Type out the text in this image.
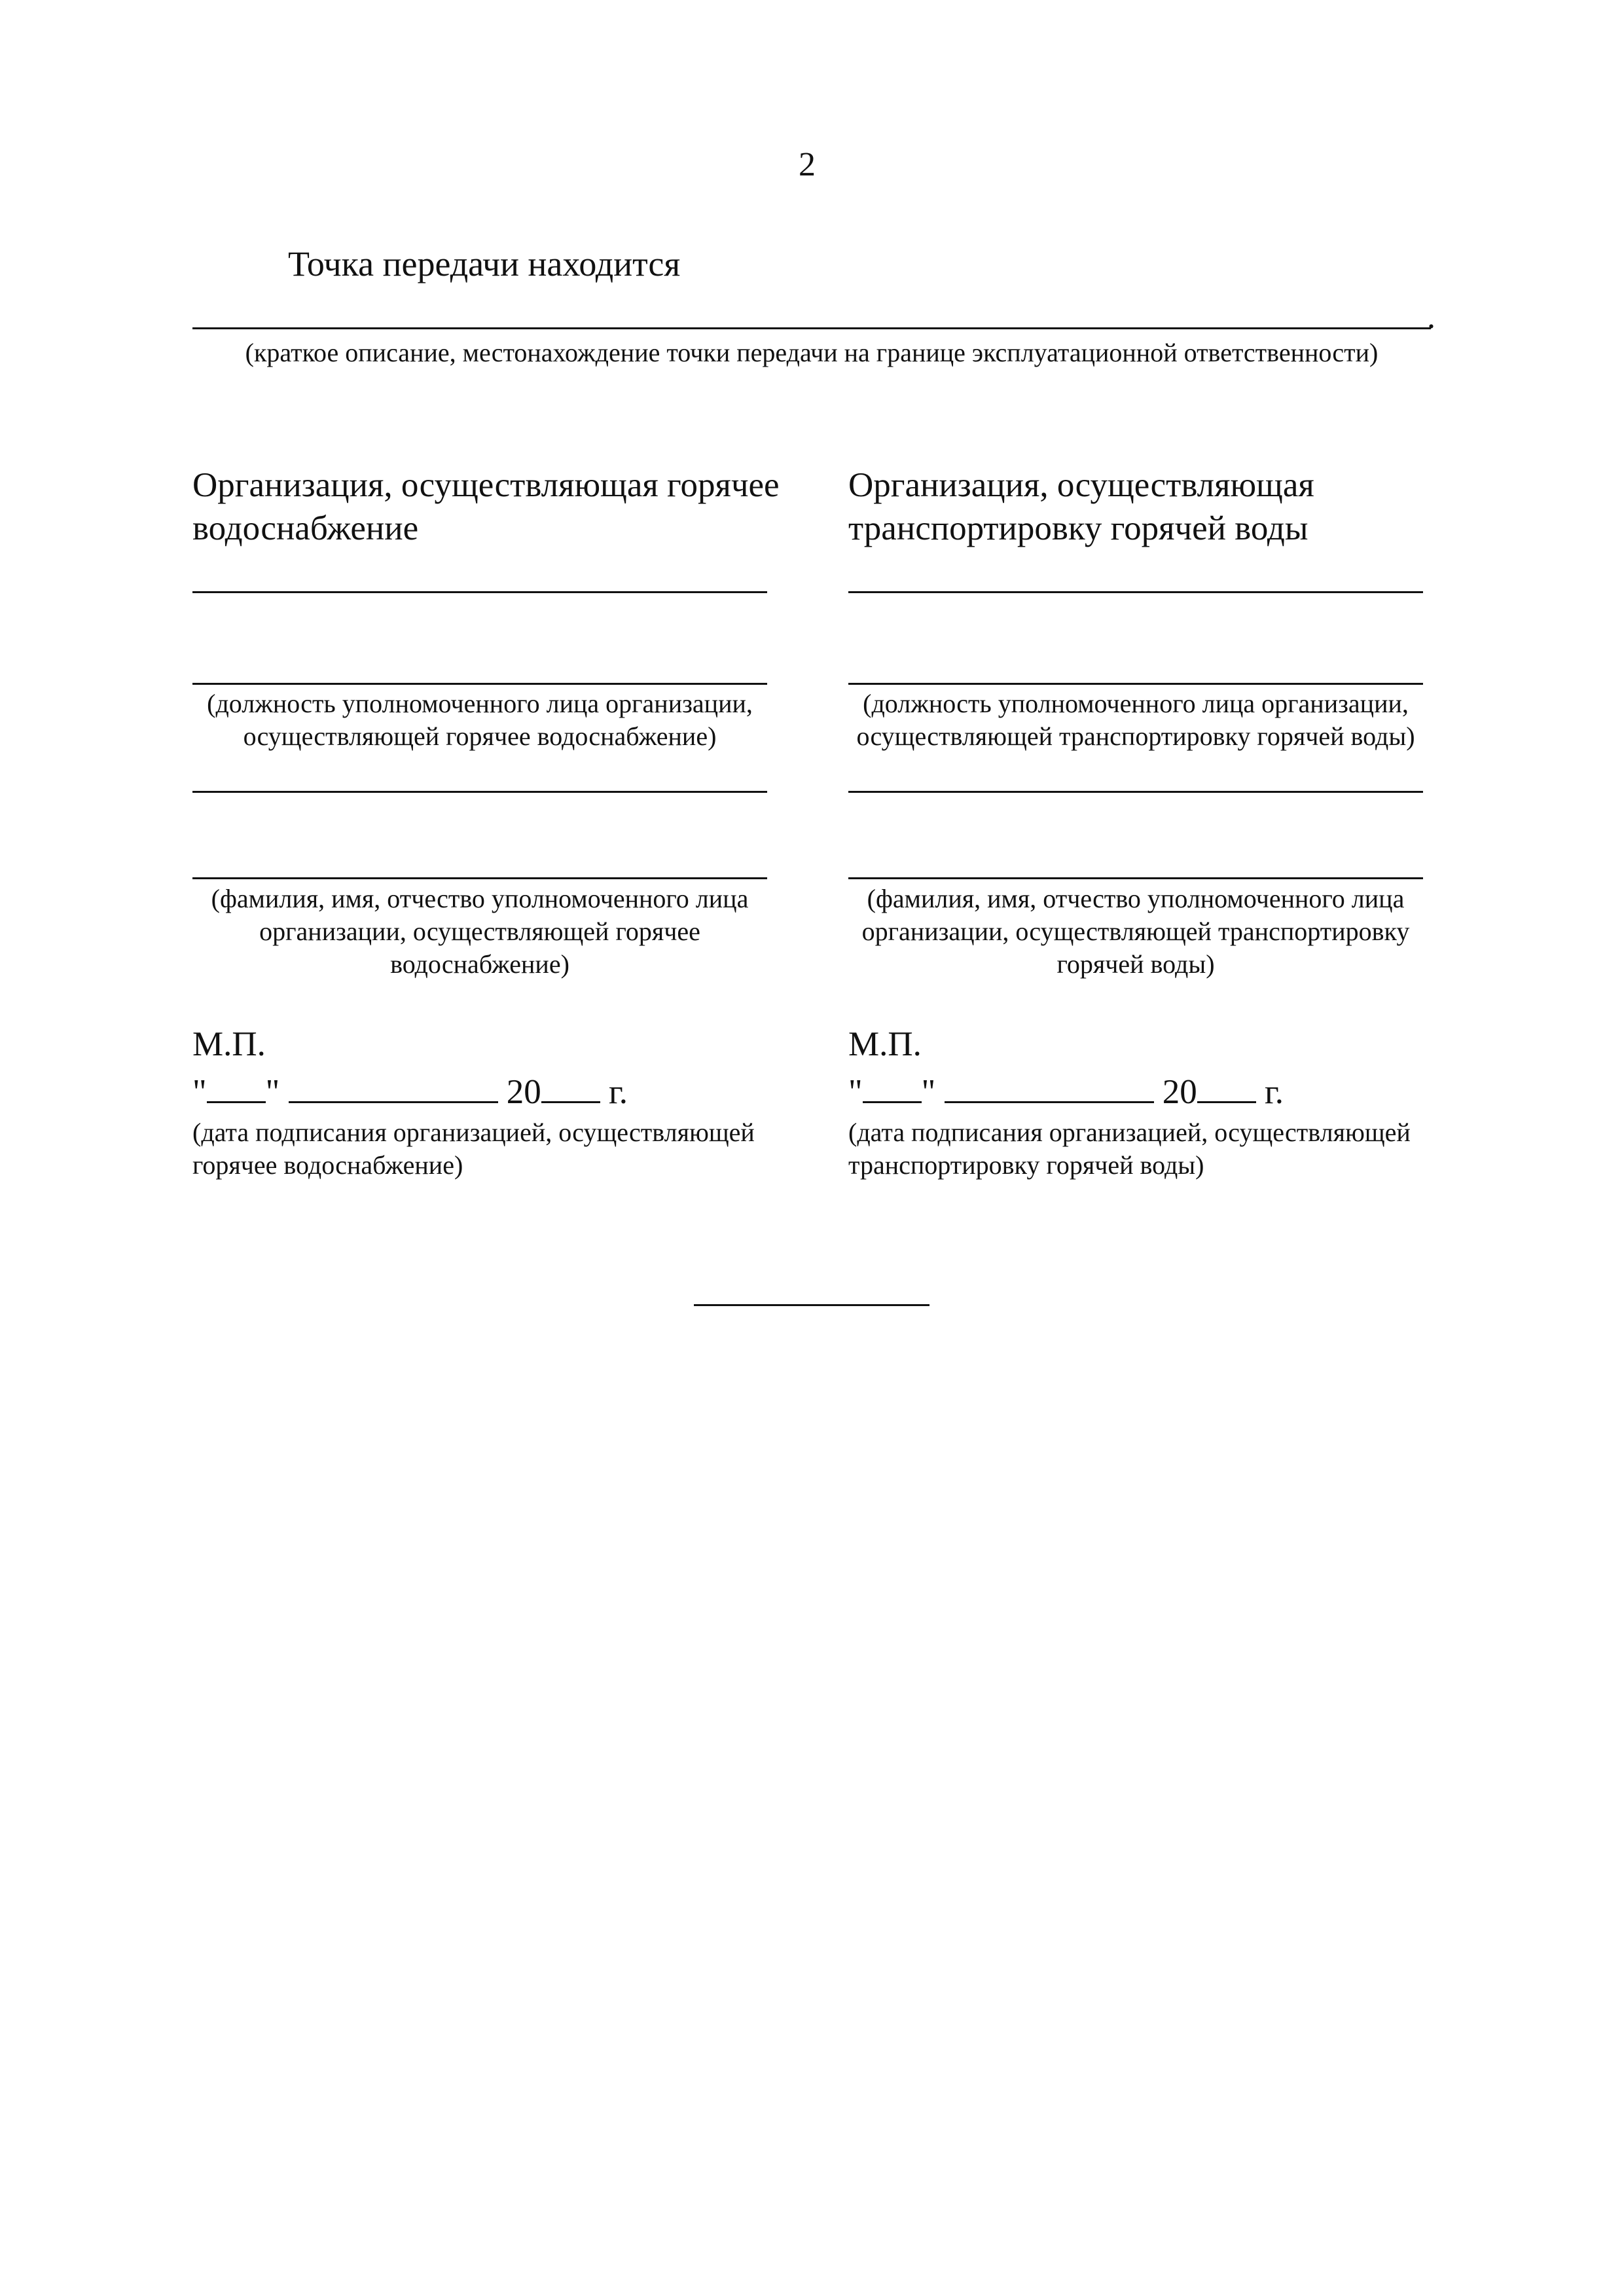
2
Точка передачи находится
.
(краткое описание, местонахождение точки передачи на границе эксплуатационной ответственности)
Организация, осуществляющая горячее водоснабжение
(должность уполномоченного лица организации, осуществляющей горячее водоснабжение)
(фамилия, имя, отчество уполномоченного лица организации, осуществляющей горячее водоснабжение)
М.П.
" "	20 г.
(дата подписания организацией, осуществляющей горячее водоснабжение)
Организация, осуществляющая транспортировку горячей воды
(должность уполномоченного лица организации, осуществляющей транспортировку горячей воды)
(фамилия, имя, отчество уполномоченного лица организации, осуществляющей транспортировку горячей воды)
М.П.
" "	20 г.
(дата подписания организацией, осуществляющей транспортировку горячей воды)
